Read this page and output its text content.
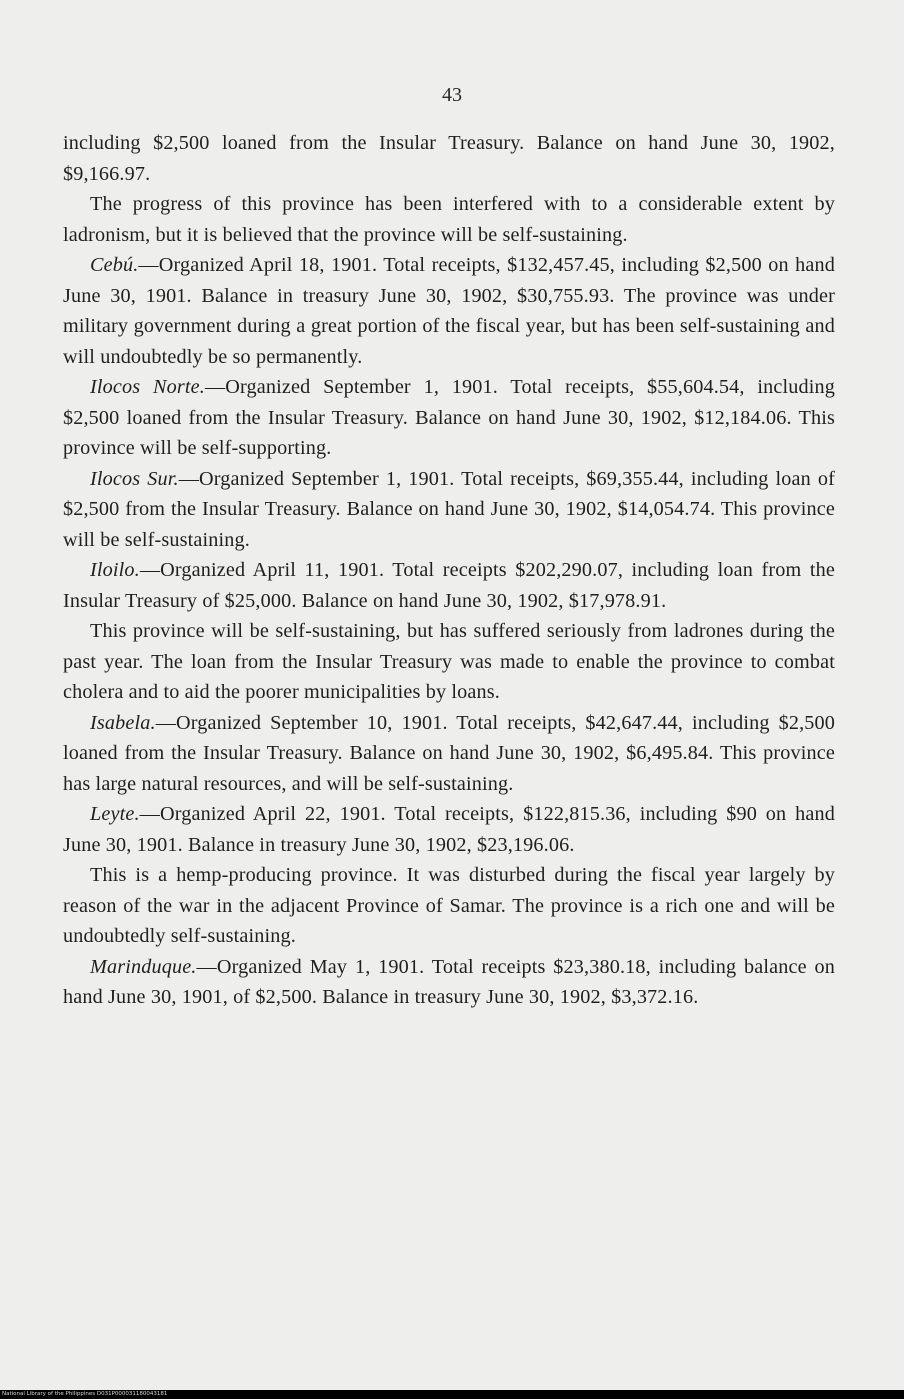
43

including $2,500 loaned from the Insular Treasury. Balance on hand June 30, 1902, $9,166.97.

The progress of this province has been interfered with to a considerable extent by ladronism, but it is believed that the province will be self-sustaining.

Cebú.—Organized April 18, 1901. Total receipts, $132,457.45, including $2,500 on hand June 30, 1901. Balance in treasury June 30, 1902, $30,755.93. The province was under military government during a great portion of the fiscal year, but has been self-sustaining and will undoubtedly be so permanently.

Ilocos Norte.—Organized September 1, 1901. Total receipts, $55,604.54, including $2,500 loaned from the Insular Treasury. Balance on hand June 30, 1902, $12,184.06. This province will be self-supporting.

Ilocos Sur.—Organized September 1, 1901. Total receipts, $69,355.44, including loan of $2,500 from the Insular Treasury. Balance on hand June 30, 1902, $14,054.74. This province will be self-sustaining.

Iloilo.—Organized April 11, 1901. Total receipts $202,290.07, including loan from the Insular Treasury of $25,000. Balance on hand June 30, 1902, $17,978.91.

This province will be self-sustaining, but has suffered seriously from ladrones during the past year. The loan from the Insular Treasury was made to enable the province to combat cholera and to aid the poorer municipalities by loans.

Isabela.—Organized September 10, 1901. Total receipts, $42,647.44, including $2,500 loaned from the Insular Treasury. Balance on hand June 30, 1902, $6,495.84. This province has large natural resources, and will be self-sustaining.

Leyte.—Organized April 22, 1901. Total receipts, $122,815.36, including $90 on hand June 30, 1901. Balance in treasury June 30, 1902, $23,196.06.

This is a hemp-producing province. It was disturbed during the fiscal year largely by reason of the war in the adjacent Province of Samar. The province is a rich one and will be undoubtedly self-sustaining.

Marinduque.—Organized May 1, 1901. Total receipts $23,380.18, including balance on hand June 30, 1901, of $2,500. Balance in treasury June 30, 1902, $3,372.16.

National Library of the Philippines D031P000031180043181
